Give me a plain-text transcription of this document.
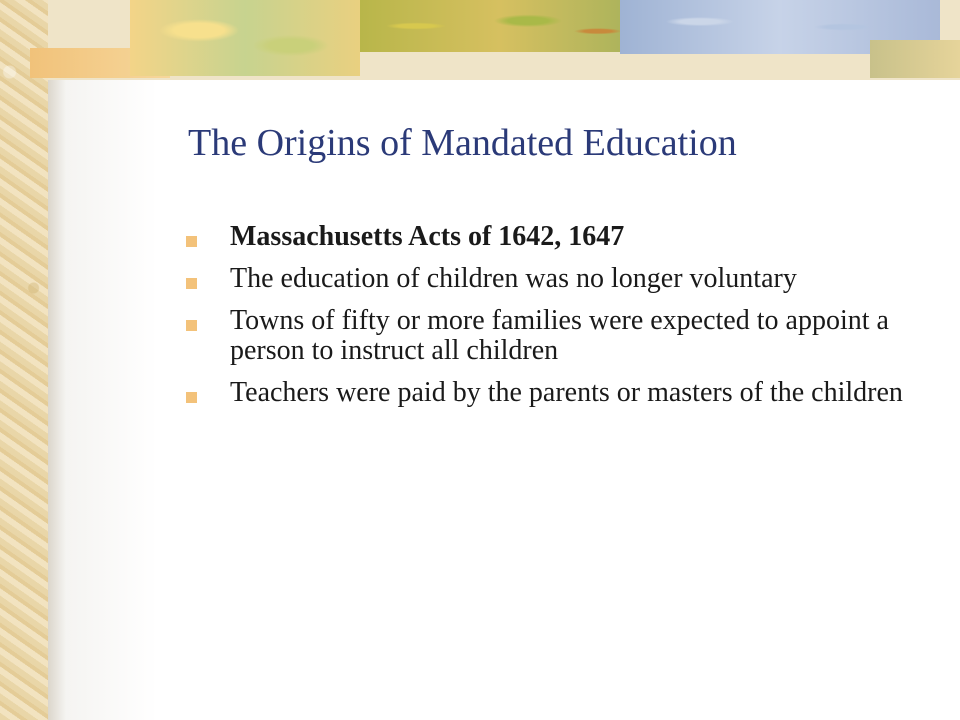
The Origins of Mandated Education
Massachusetts Acts of 1642, 1647
The education of children was no longer voluntary
Towns of fifty or more families were expected to appoint a person to instruct all children
Teachers were paid by the parents or masters of the children
